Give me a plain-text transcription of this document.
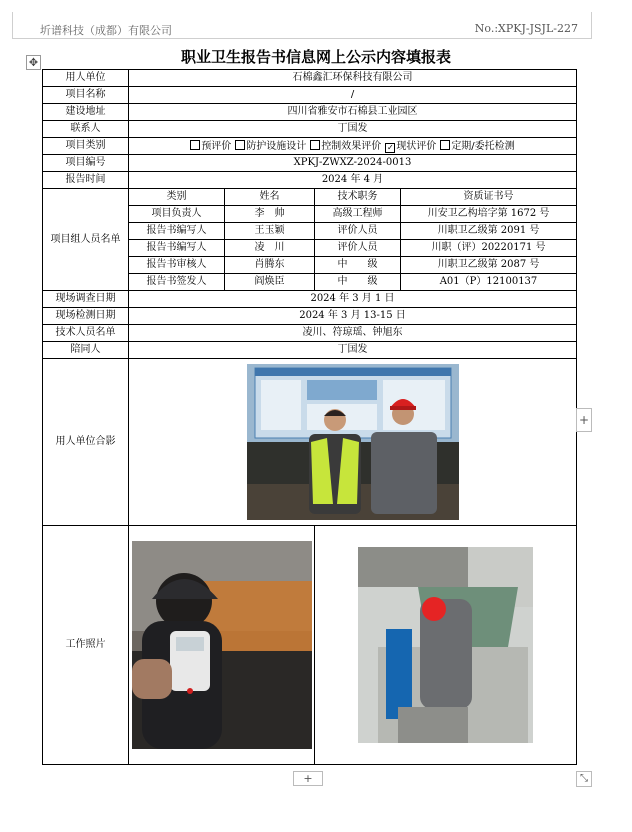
圻谱科技（成都）有限公司	No.:XPKJ-JSJL-227
✥	职业卫生报告书信息网上公示内容填报表
用人单位	石棉鑫汇环保科技有限公司			
项目名称	/			
建设地址	四川省雅安市石棉县工业园区			
联系人	丁国发			
项目类别	预评价 防护设施设计 控制效果评价 ✓ 现状评价 定期/委托检测			
项目编号	XPKJ-ZWXZ-2024-0013			
报告时间	2024 年 4 月			
项目组人员名单	类别	姓名	技术职务	资质证书号
	项目负责人	李　帅	高级工程师	川安卫乙构培字第 1672 号
	报告书编写人	王玉颖	评价人员	川职卫乙级第 2091 号
	报告书编写人	凌　川	评价人员	川职（评）20220171 号
	报告书审核人	肖腾东	中　　级	川职卫乙级第 2087 号
	报告书签发人	阎焕臣	中　　级	A01（P）12100137
现场调查日期	2024 年 3 月 1 日			
现场检测日期	2024 年 3 月 13-15 日			
技术人员名单	凌川、符琼瑶、钟旭东			
陪同人	丁国发			
用人单位合影	

工作照片	

+
+	⤡
